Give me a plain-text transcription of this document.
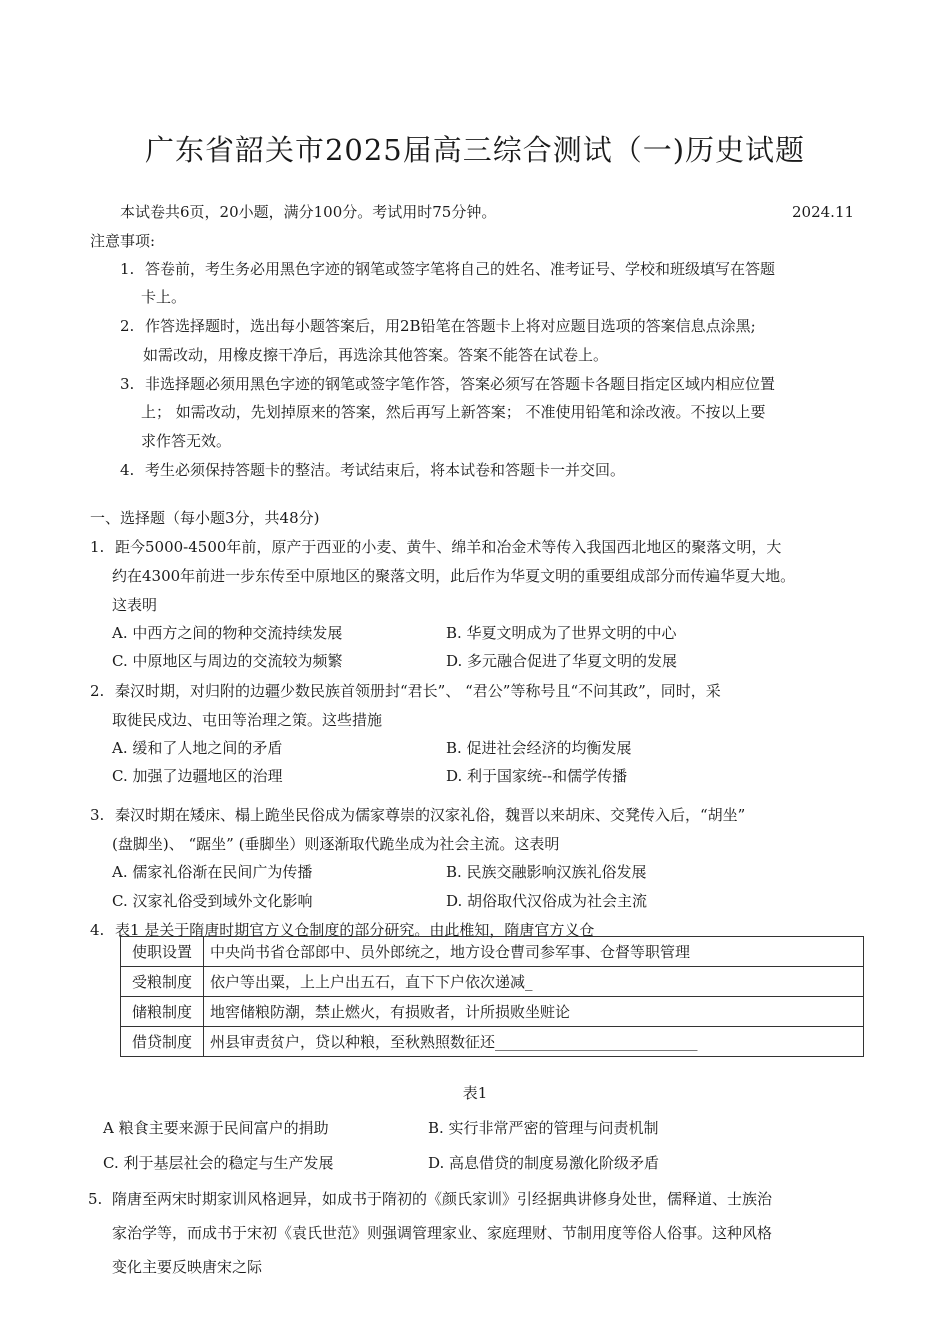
广东省韶关市2025届高三综合测试（一)历史试题
本试卷共6页，20小题，满分100分。考试用时75分钟。	2024.11
注意事项:
1. 答卷前，考生务必用黑色字迹的钢笔或签字笔将自己的姓名、准考证号、学校和班级填写在答题
卡上。
2. 作答选择题时，选出每小题答案后，用2B铅笔在答题卡上将对应题目选项的答案信息点涂黑;
如需改动，用橡皮擦干净后，再选涂其他答案。答案不能答在试卷上。
3. 非选择题必须用黑色字迹的钢笔或签字笔作答，答案必须写在答题卡各题目指定区域内相应位置
上； 如需改动，先划掉原来的答案，然后再写上新答案； 不准使用铅笔和涂改液。不按以上要
求作答无效。
4. 考生必须保持答题卡的整洁。考试结束后，将本试卷和答题卡一并交回。
一、选择题（每小题3分，共48分)
1. 距今5000-4500年前，原产于西亚的小麦、黄牛、绵羊和冶金术等传入我国西北地区的聚落文明，大
约在4300年前进一步东传至中原地区的聚落文明，此后作为华夏文明的重要组成部分而传遍华夏大地。
这表明
A. 中西方之间的物种交流持续发展	B. 华夏文明成为了世界文明的中心
C. 中原地区与周边的交流较为频繁	D. 多元融合促进了华夏文明的发展
2. 秦汉时期，对归附的边疆少数民族首领册封“君长”、 “君公”等称号且“不问其政”，同时，采
取徙民戍边、屯田等治理之策。这些措施
A. 缓和了人地之间的矛盾	B. 促进社会经济的均衡发展
C. 加强了边疆地区的治理	D. 利于国家统--和儒学传播
3. 秦汉时期在矮床、榻上跪坐民俗成为儒家尊崇的汉家礼俗，魏晋以来胡床、交凳传入后，“胡坐”
(盘脚坐)、 “踞坐” (垂脚坐）则逐渐取代跪坐成为社会主流。这表明
A. 儒家礼俗渐在民间广为传播	B. 民族交融影响汉族礼俗发展
C. 汉家礼俗受到域外文化影响	D. 胡俗取代汉俗成为社会主流
4. 表1 是关于隋唐时期官方义仓制度的部分研究。由此椎知，隋唐官方义仓
使职设置	中央尚书省仓部郎中、员外郎统之，地方设仓曹司参军事、仓督等职管理
受粮制度	依户等出粟，上上户出五石，直下下户依次递减_
储粮制度	地窖储粮防潮，禁止燃火，有损败者，计所损败坐赃论
借贷制度	州县审责贫户，贷以种粮，至秋熟照数征还___________________________
表1
A 粮食主要来源于民间富户的捐助	B. 实行非常严密的管理与问责机制
C. 利于基层社会的稳定与生产发展	D. 高息借贷的制度易激化阶级矛盾
5. 隋唐至两宋时期家训风格迥异，如成书于隋初的《颜氏家训》引经据典讲修身处世，儒释道、士族治
家治学等，而成书于宋初《袁氏世范》则强调管理家业、家庭理财、节制用度等俗人俗事。这种风格
变化主要反映唐宋之际
